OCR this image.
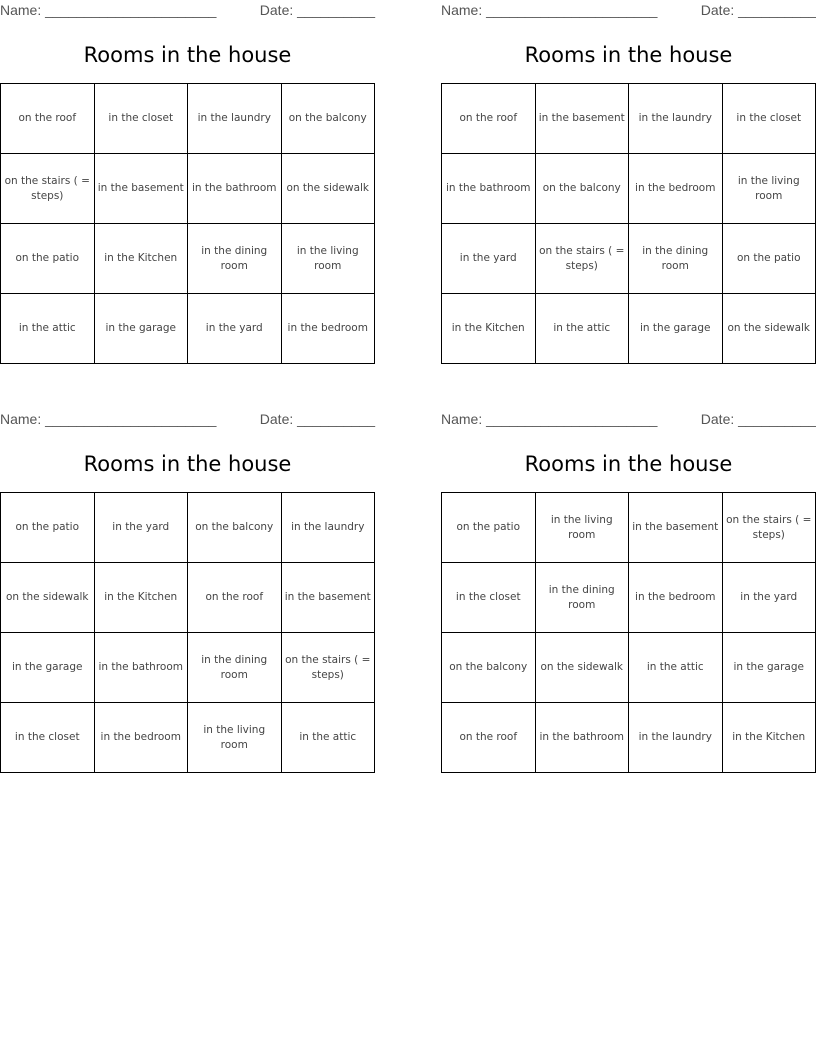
Name: ______________________	Date: __________
Rooms in the house
on the roof	in the closet	in the laundry	on the balcony
on the stairs ( = steps)	in the basement	in the bathroom	on the sidewalk
on the patio	in the Kitchen	in the dining room	in the living room
in the attic	in the garage	in the yard	in the bedroom
Name: ______________________	Date: __________
Rooms in the house
on the roof	in the basement	in the laundry	in the closet
in the bathroom	on the balcony	in the bedroom	in the living room
in the yard	on the stairs ( = steps)	in the dining room	on the patio
in the Kitchen	in the attic	in the garage	on the sidewalk
Name: ______________________	Date: __________
Rooms in the house
on the patio	in the yard	on the balcony	in the laundry
on the sidewalk	in the Kitchen	on the roof	in the basement
in the garage	in the bathroom	in the dining room	on the stairs ( = steps)
in the closet	in the bedroom	in the living room	in the attic
Name: ______________________	Date: __________
Rooms in the house
on the patio	in the living room	in the basement	on the stairs ( = steps)
in the closet	in the dining room	in the bedroom	in the yard
on the balcony	on the sidewalk	in the attic	in the garage
on the roof	in the bathroom	in the laundry	in the Kitchen
